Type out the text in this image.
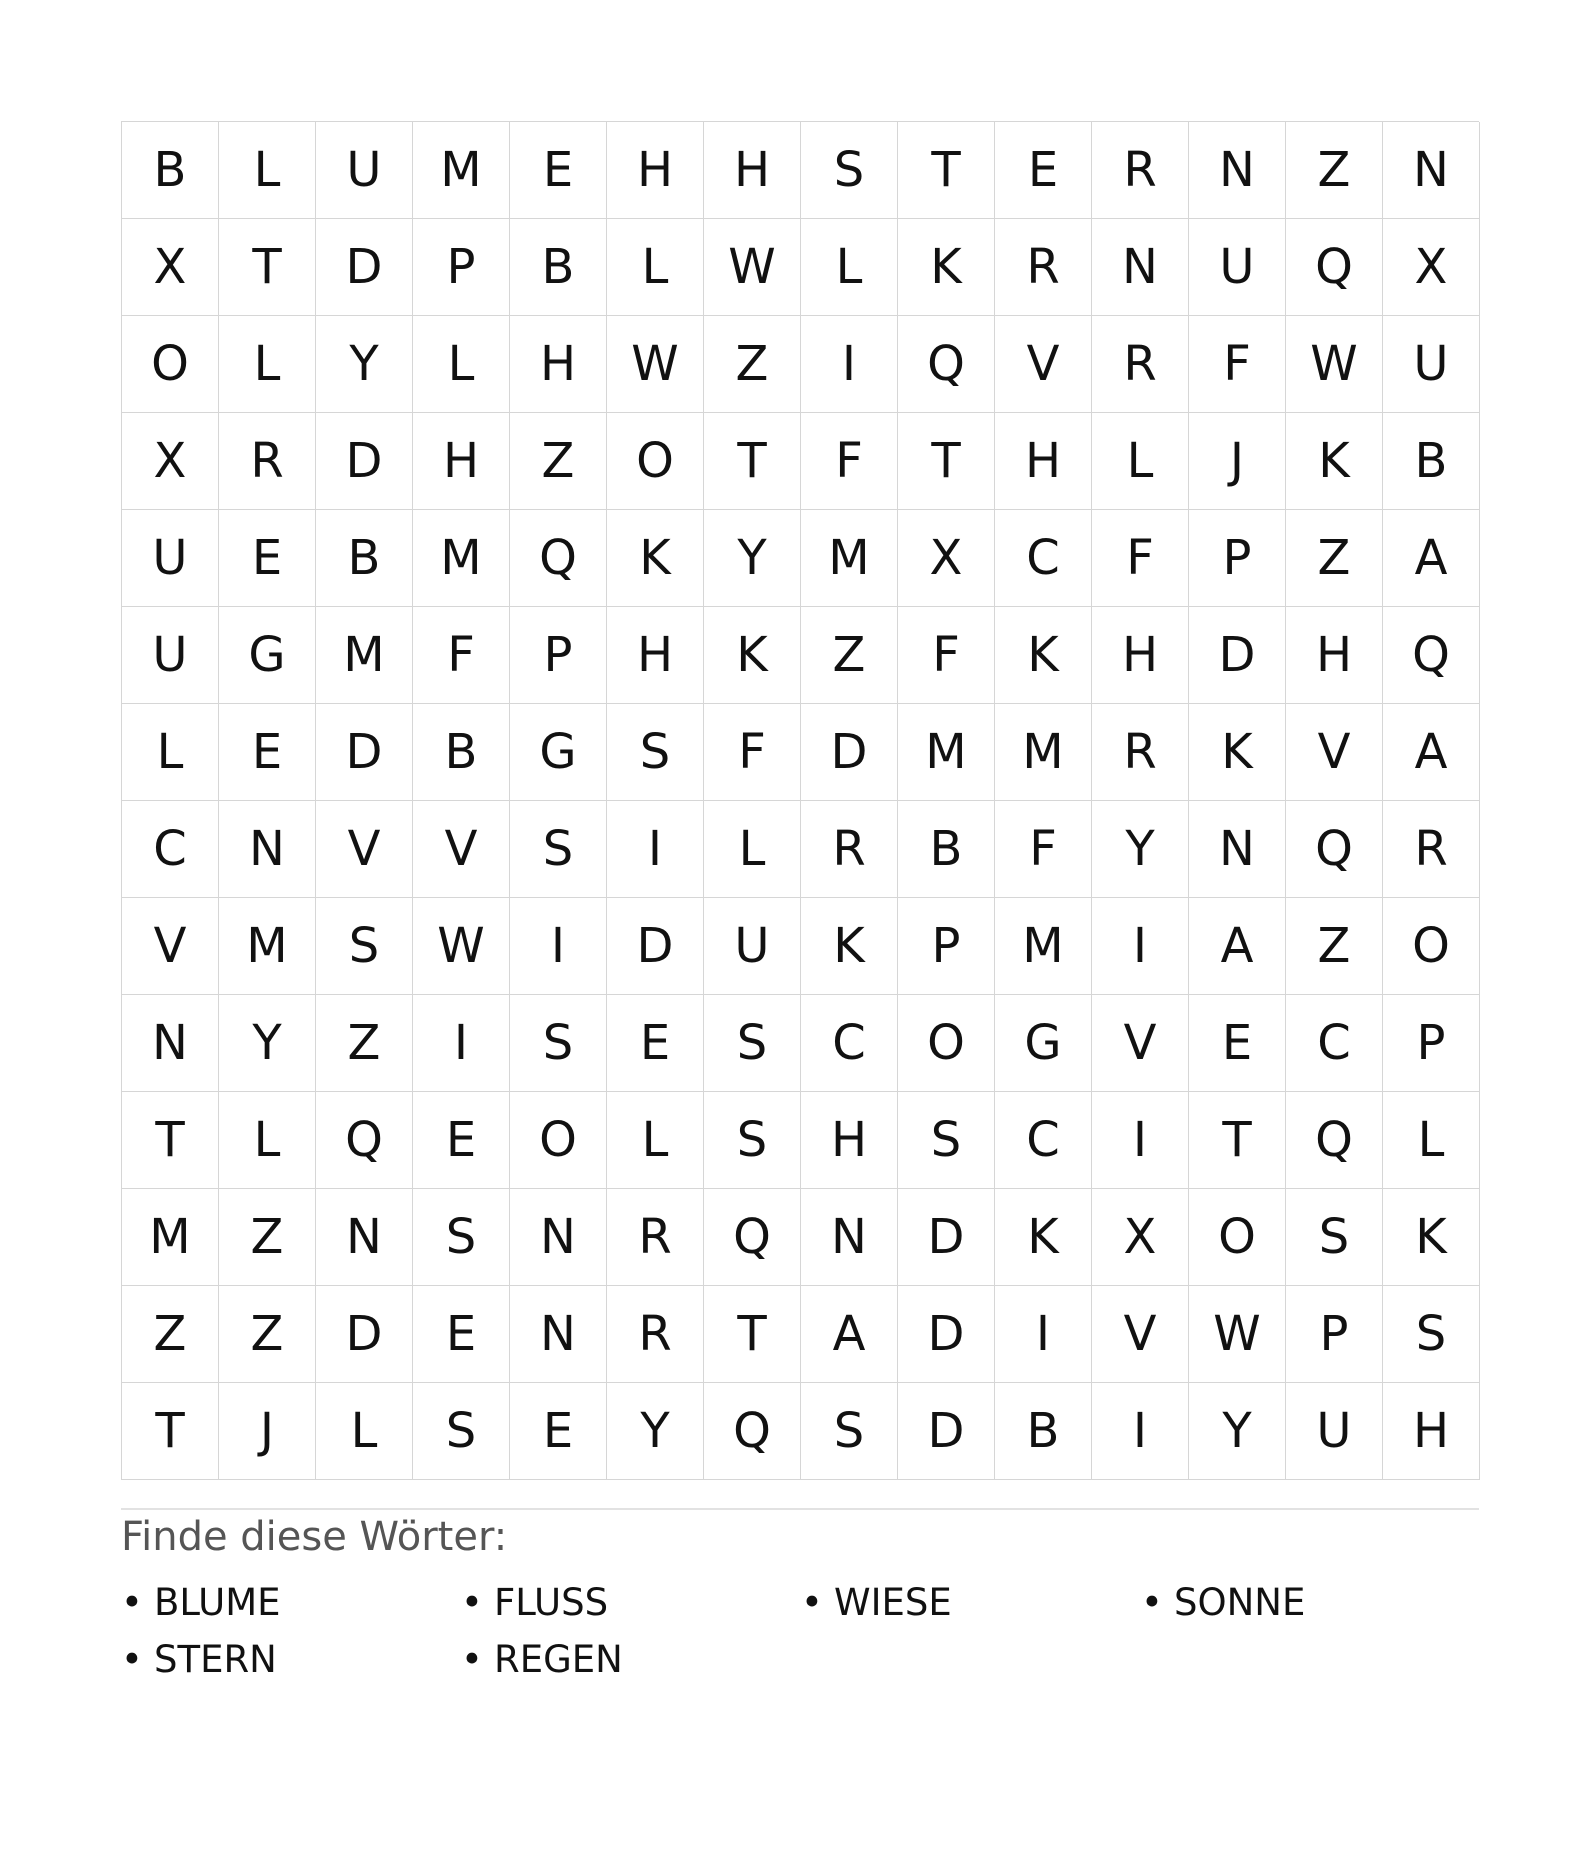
B	L	U	M	E	H	H	S	T	E	R	N	Z	N
X	T	D	P	B	L	W	L	K	R	N	U	Q	X
O	L	Y	L	H	W	Z	I	Q	V	R	F	W	U
X	R	D	H	Z	O	T	F	T	H	L	J	K	B
U	E	B	M	Q	K	Y	M	X	C	F	P	Z	A
U	G	M	F	P	H	K	Z	F	K	H	D	H	Q
L	E	D	B	G	S	F	D	M	M	R	K	V	A
C	N	V	V	S	I	L	R	B	F	Y	N	Q	R
V	M	S	W	I	D	U	K	P	M	I	A	Z	O
N	Y	Z	I	S	E	S	C	O	G	V	E	C	P
T	L	Q	E	O	L	S	H	S	C	I	T	Q	L
M	Z	N	S	N	R	Q	N	D	K	X	O	S	K
Z	Z	D	E	N	R	T	A	D	I	V	W	P	S
T	J	L	S	E	Y	Q	S	D	B	I	Y	U	H
Finde diese Wörter:
• BLUME	• FLUSS	• WIESE	• SONNE
• STERN	• REGEN
